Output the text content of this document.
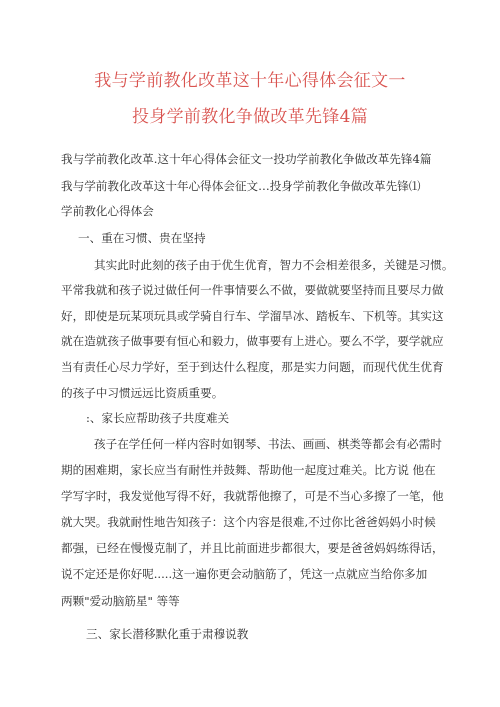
我与学前教化改革这十年心得体会征文一
投身学前教化争做改革先锋4篇
我与学前教化改革.这十年心得体会征文一投功学前教化争做改革先锋4篇
我与学前教化改革这十年心得体会征文…投身学前教化争做改革先锋⑴
学前教化心得体会
一、重在习惯、贵在坚持
其实此时此刻的孩子由于优生优育，智力不会相差很多，关键是习惯。
平常我就和孩子说过做任何一件事情要么不做，要做就要坚持而且要尽力做
好，即使是玩某项玩具或学骑自行车、学溜旱冰、踏板车、下机等。其实这
就在造就孩子做事要有恒心和毅力，做事要有上进心。要么不学，要学就应
当有责任心尽力学好，至于到达什么程度，那是实力问题，而现代优生优育
的孩子中习惯远远比资质重要。
:、家长应帮助孩子共度难关
孩子在学任何一样内容时如钢琴、书法、画画、棋类等都会有必需时
期的困难期，家长应当有耐性并鼓舞、帮助他一起度过难关。比方说 他在
学写字时，我发觉他写得不好，我就帮他擦了，可是不当心多擦了一笔，他
就大哭。我就耐性地告知孩子：这个内容是很难,不过你比爸爸妈妈小时候
都强，已经在慢慢克制了，并且比前面进步都很大，要是爸爸妈妈练得话，
说不定还是你好呢.....这一遍你更会动脑筋了，凭这一点就应当给你多加
两颗"爱动脑筋星" 等等
三、家长潜移默化重于肃穆说教
